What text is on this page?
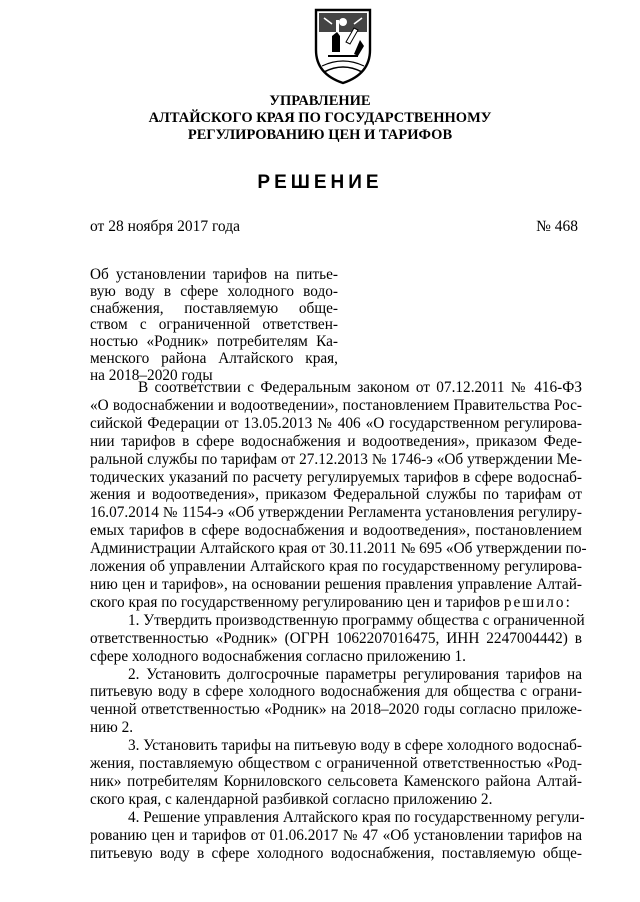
УПРАВЛЕНИЕ
АЛТАЙСКОГО КРАЯ ПО ГОСУДАРСТВЕННОМУ
РЕГУЛИРОВАНИЮ ЦЕН И ТАРИФОВ
РЕШЕНИЕ
от 28 ноября 2017 года	№ 468
Об установлении тарифов на питье-
вую воду в сфере холодного водо-
снабжения, поставляемую обще-
ством с ограниченной ответствен-
ностью «Родник» потребителям Ка-
менского района Алтайского края,
на 2018–2020 годы
В соответствии с Федеральным законом от 07.12.2011 № 416-ФЗ
«О водоснабжении и водоотведении», постановлением Правительства Рос-
сийской Федерации от 13.05.2013 № 406 «О государственном регулирова-
нии тарифов в сфере водоснабжения и водоотведения», приказом Феде-
ральной службы по тарифам от 27.12.2013 № 1746-э «Об утверждении Ме-
тодических указаний по расчету регулируемых тарифов в сфере водоснаб-
жения и водоотведения», приказом Федеральной службы по тарифам от
16.07.2014 № 1154-э «Об утверждении Регламента установления регулиру-
емых тарифов в сфере водоснабжения и водоотведения», постановлением
Администрации Алтайского края от 30.11.2011 № 695 «Об утверждении по-
ложения об управлении Алтайского края по государственному регулирова-
нию цен и тарифов», на основании решения правления управление Алтай-
ского края по государственному регулированию цен и тарифов решило:
1. Утвердить производственную программу общества с ограниченной
ответственностью «Родник» (ОГРН 1062207016475, ИНН 2247004442) в
сфере холодного водоснабжения согласно приложению 1.
2. Установить долгосрочные параметры регулирования тарифов на
питьевую воду в сфере холодного водоснабжения для общества с ограни-
ченной ответственностью «Родник» на 2018–2020 годы согласно приложе-
нию 2.
3. Установить тарифы на питьевую воду в сфере холодного водоснаб-
жения, поставляемую обществом с ограниченной ответственностью «Род-
ник» потребителям Корниловского сельсовета Каменского района Алтай-
ского края, с календарной разбивкой согласно приложению 2.
4. Решение управления Алтайского края по государственному регули-
рованию цен и тарифов от 01.06.2017 № 47 «Об установлении тарифов на
питьевую воду в сфере холодного водоснабжения, поставляемую обще-
